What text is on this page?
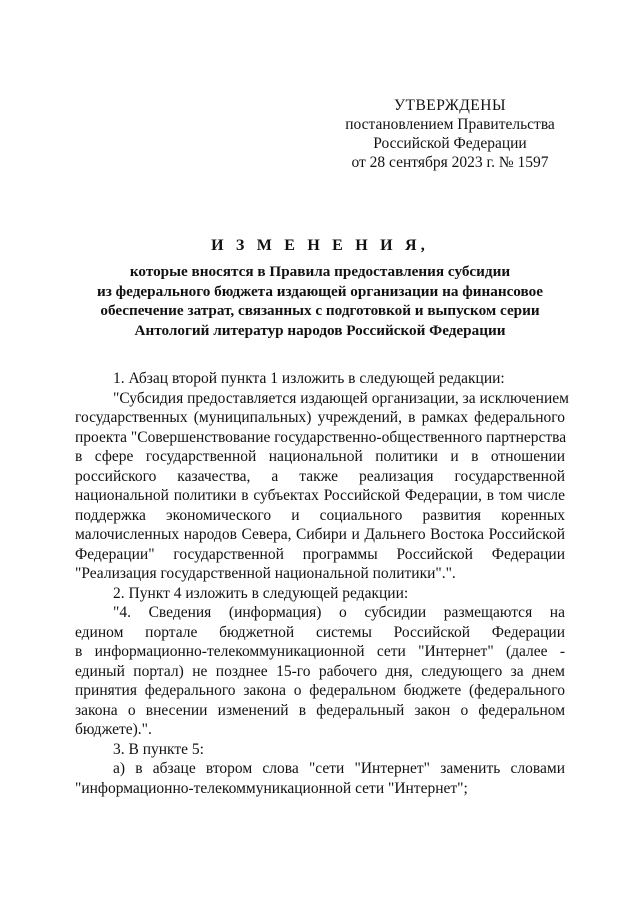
УТВЕРЖДЕНЫ
постановлением Правительства
Российской Федерации
от 28 сентября 2023 г. № 1597
И З М Е Н Е Н И Я,
которые вносятся в Правила предоставления субсидии
из федерального бюджета издающей организации на финансовое
обеспечение затрат, связанных с подготовкой и выпуском серии
Антологий литератур народов Российской Федерации
1. Абзац второй пункта 1 изложить в следующей редакции:
"Субсидия предоставляется издающей организации, за исключением
государственных (муниципальных) учреждений, в рамках федерального
проекта "Совершенствование государственно-общественного партнерства
в сфере государственной национальной политики и в отношении
российского казачества, а также реализация государственной
национальной политики в субъектах Российской Федерации, в том числе
поддержка экономического и социального развития коренных
малочисленных народов Севера, Сибири и Дальнего Востока Российской
Федерации" государственной программы Российской Федерации
"Реализация государственной национальной политики".".
2. Пункт 4 изложить в следующей редакции:
"4. Сведения (информация) о субсидии размещаются на
едином портале бюджетной системы Российской Федерации
в информационно-телекоммуникационной сети "Интернет" (далее -
единый портал) не позднее 15-го рабочего дня, следующего за днем
принятия федерального закона о федеральном бюджете (федерального
закона о внесении изменений в федеральный закон о федеральном
бюджете).".
3. В пункте 5:
а) в абзаце втором слова "сети "Интернет" заменить словами
"информационно-телекоммуникационной сети "Интернет";
